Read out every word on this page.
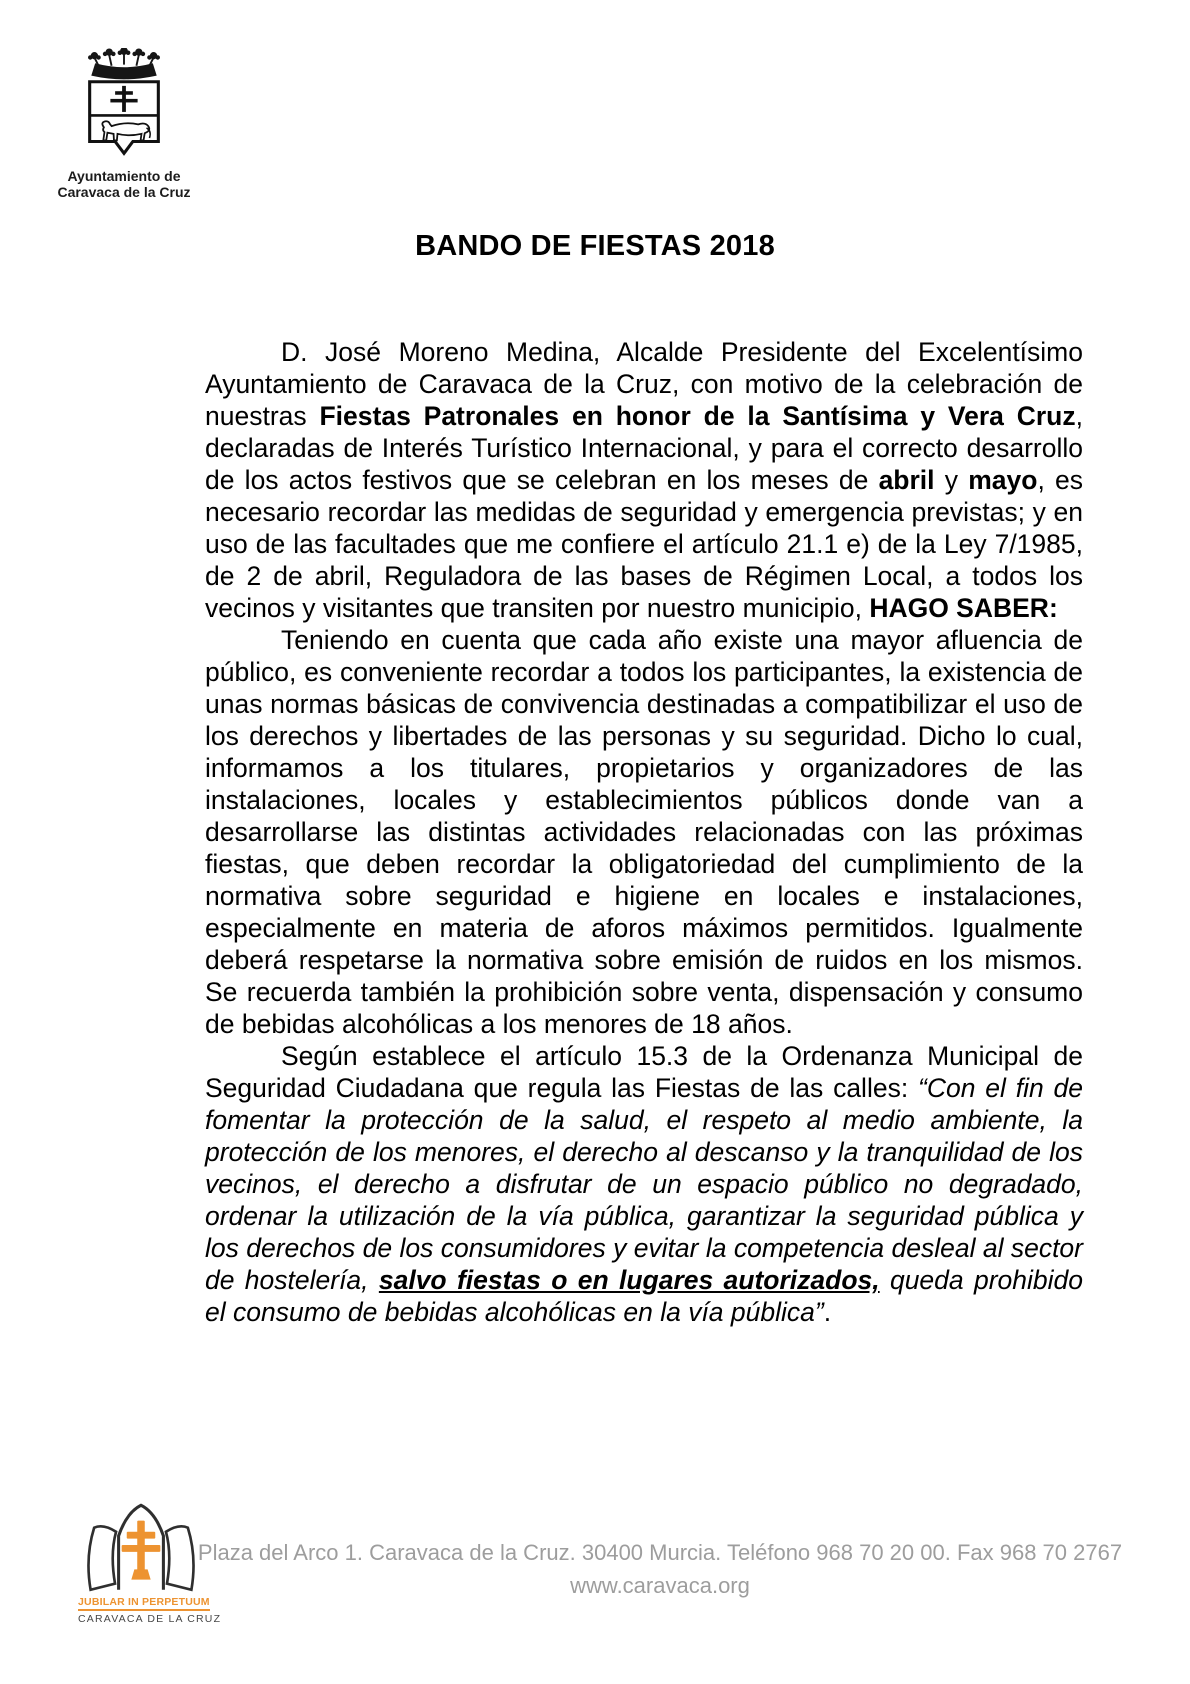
Ayuntamiento de
Caravaca de la Cruz
BANDO DE FIESTAS 2018

D. José Moreno Medina, Alcalde Presidente del Excelentísimo Ayuntamiento de Caravaca de la Cruz, con motivo de la celebración de nuestras Fiestas Patronales en honor de la Santísima y Vera Cruz, declaradas de Interés Turístico Internacional, y para el correcto desarrollo de los actos festivos que se celebran en los meses de abril y mayo, es necesario recordar las medidas de seguridad y emergencia previstas; y en uso de las facultades que me confiere el artículo 21.1 e) de la Ley 7/1985, de 2 de abril, Reguladora de las bases de Régimen Local, a todos los vecinos y visitantes que transiten por nuestro municipio, HAGO SABER:

Teniendo en cuenta que cada año existe una mayor afluencia de público, es conveniente recordar a todos los participantes, la existencia de unas normas básicas de convivencia destinadas a compatibilizar el uso de los derechos y libertades de las personas y su seguridad. Dicho lo cual, informamos a los titulares, propietarios y organizadores de las instalaciones, locales y establecimientos públicos donde van a desarrollarse las distintas actividades relacionadas con las próximas fiestas, que deben recordar la obligatoriedad del cumplimiento de la normativa sobre seguridad e higiene en locales e instalaciones, especialmente en materia de aforos máximos permitidos. Igualmente deberá respetarse la normativa sobre emisión de ruidos en los mismos. Se recuerda también la prohibición sobre venta, dispensación y consumo de bebidas alcohólicas a los menores de 18 años.

Según establece el artículo 15.3 de la Ordenanza Municipal de Seguridad Ciudadana que regula las Fiestas de las calles: “Con el fin de fomentar la protección de la salud, el respeto al medio ambiente, la protección de los menores, el derecho al descanso y la tranquilidad de los vecinos, el derecho a disfrutar de un espacio público no degradado, ordenar la utilización de la vía pública, garantizar la seguridad pública y los derechos de los consumidores y evitar la competencia desleal al sector de hostelería, salvo fiestas o en lugares autorizados, queda prohibido el consumo de bebidas alcohólicas en la vía pública”.

JUBILAR IN PERPETUUM
CARAVACA DE LA CRUZ
Plaza del Arco 1. Caravaca de la Cruz. 30400 Murcia. Teléfono 968 70 20 00. Fax 968 70 2767
www.caravaca.org
